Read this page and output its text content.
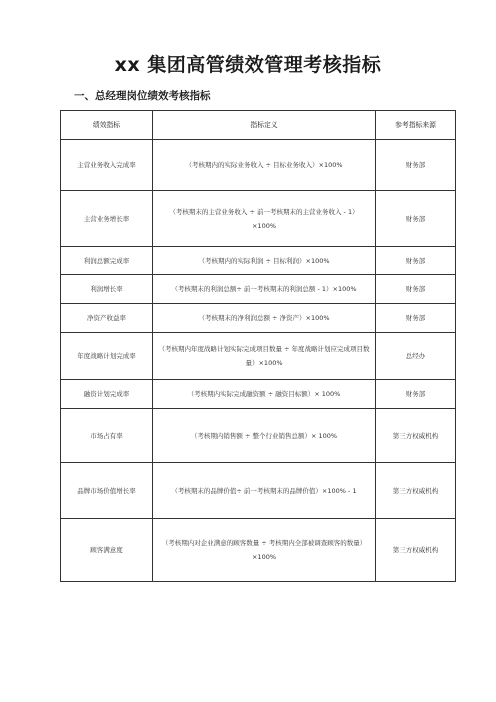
xx 集团高管绩效管理考核指标
一、总经理岗位绩效考核指标
绩效指标	指标定义	参考指标来源
主营业务收入完成率	（考核期内的实际业务收入 ÷ 目标业务收入）×100%	财务部
主营业务增长率	（考核期末的主营业务收入 ÷ 前一考核期末的主营业务收入 - 1）×100%	财务部
利润总额完成率	（考核期内的实际利润 ÷ 目标利润）×100%	财务部
利润增长率	（考核期末的利润总额÷ 前一考核期末的利润总额 - 1）×100%	财务部
净资产收益率	（考核期末的净利润总额 ÷ 净资产）×100%	财务部
年度战略计划完成率	（考核期内年度战略计划实际完成项目数量 ÷ 年度战略计划应完成项目数量）×100%	总经办
融资计划完成率	（考核期内实际完成融资额 ÷ 融资目标额）× 100%	财务部
市场占有率	（考核期内销售额 ÷ 整个行业销售总额）× 100%	第三方权威机构
品牌市场价值增长率	（考核期末的品牌价值÷ 前一考核期末的品牌价值）×100% - 1	第三方权威机构
顾客满意度	（考核期内对企业满意的顾客数量 ÷ 考核期内全部被调查顾客的数量）×100%	第三方权威机构
